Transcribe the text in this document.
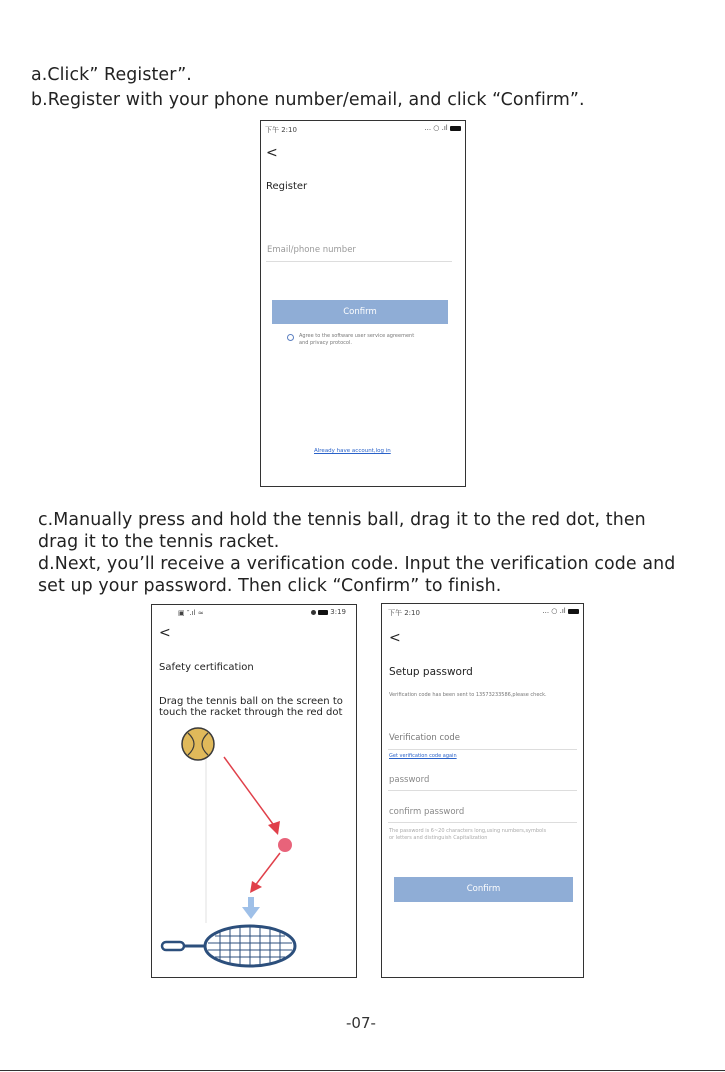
a.Click” Register”.
b.Register with your phone number/email, and click “Confirm”.
下午 2:10	... ○ .ıl
<
Register
Email/phone number
Confirm
Agree to the software user service agreement
and privacy protocol.
Already have account,log in
c.Manually press and hold the tennis ball, drag it to the red dot, then
drag it to the tennis racket.
d.Next, you’ll receive a verification code. Input the verification code and
set up your password. Then click “Confirm” to finish.
▣ ″.ıl ≈	3:19
<
Safety certification
Drag the tennis ball on the screen to
touch the racket through the red dot
下午 2:10	... ○ .ıl
<
Setup password
Verification code has been sent to 13573233586,please check.
Verification code
Get verification code again
password
confirm password
The password is 6~20 characters long,using numbers,symbols
or letters and distinguish Capitalization
Confirm
-07-
